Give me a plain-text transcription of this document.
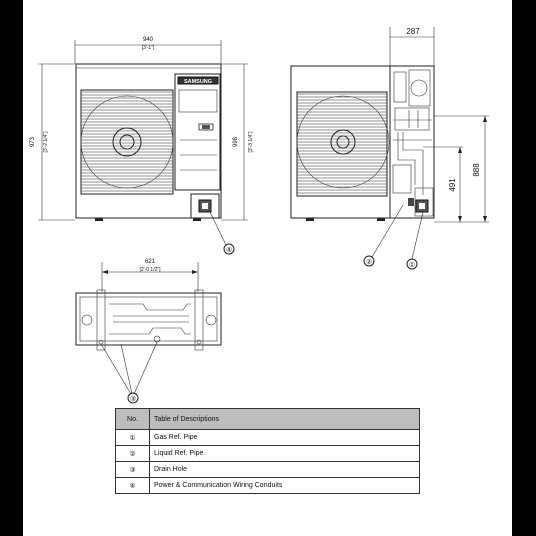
940
[3'-1"]
973 [3'-2 1/4"]	998 [3'-3 1/4"]
SAMSUNG
④
287
888
491
②	①
621
[2'-0 1/2"]
③
No.	Table of Descriptions
①	Gas Ref. Pipe
②	Liquid Ref. Pipe
③	Drain Hole
④	Power & Communication Wiring Conduits
